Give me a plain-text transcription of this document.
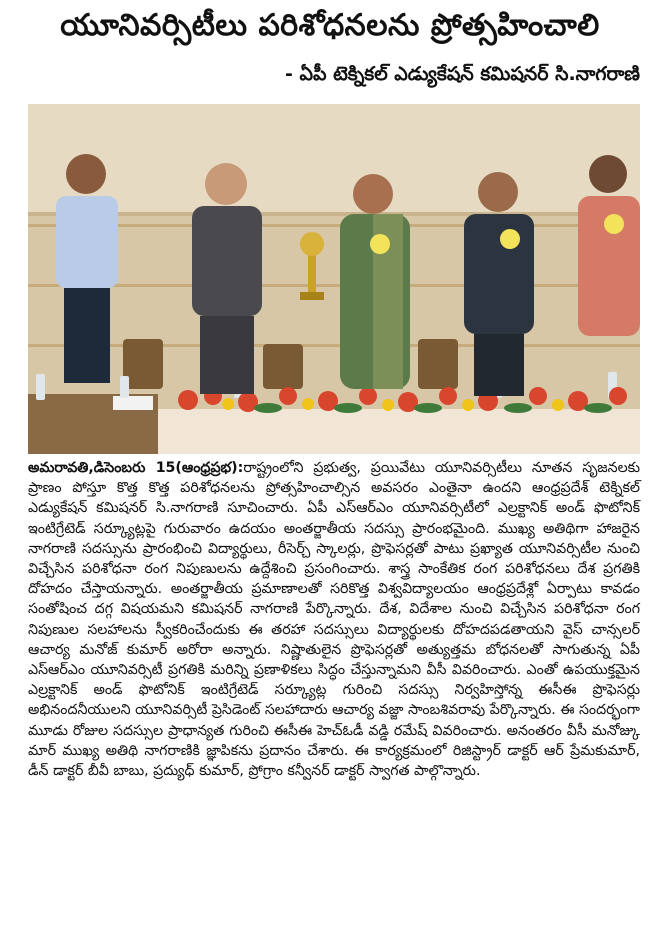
యూనివర్సిటీలు పరిశోధనలను ప్రోత్సహించాలి
- ఏపీ టెక్నికల్ ఎడ్యుకేషన్ కమిషనర్ సి.నాగరాణి
అమరావతి,డిసెంబరు 15(ఆంధ్రప్రభ):రాష్ట్రంలోని ప్రభుత్వ, ప్రయివేటు యూనివర్సిటీలు నూతన సృజనలకు ప్రాణం పోస్తూ కొత్త కొత్త పరిశోధనలను ప్రోత్సహించాల్సిన అవసరం ఎంతైనా ఉందని ఆంధ్రప్రదేశ్ టెక్నికల్ ఎడ్యుకేషన్ కమిషనర్ సి.నాగరాణి సూచించారు. ఏపీ ఎస్ఆర్ఎం యూనివర్సిటీలో ఎల్రక్టానిక్ అండ్ ఫొటోనిక్ ఇంటిగ్రేటెడ్ సర్క్యూట్లపై గురువారం ఉదయం అంతర్జాతీయ సదస్సు ప్రారంభమైంది. ముఖ్య అతిథిగా హాజరైన నాగరాణి సదస్సును ప్రారంభించి విద్యార్థులు, రీసెర్చ్ స్కాలర్లు, ప్రొఫెసర్లతో పాటు ప్రఖ్యాత యూనివర్సిటీల నుంచి విచ్చేసిన పరిశోధనా రంగ నిపుణులను ఉద్దేశించి ప్రసంగించారు. శాస్త్ర సాంకేతిక రంగ పరిశోధనలు దేశ ప్రగతికి దోహదం చేస్తాయన్నారు. అంతర్జాతీయ ప్రమాణాలతో సరికొత్త విశ్వవిద్యాలయం ఆంధ్రప్రదేశ్లో ఏర్పాటు కావడం సంతోషించ దగ్గ విషయమని కమిషనర్ నాగరాణి పేర్కొన్నారు. దేశ, విదేశాల నుంచి విచ్చేసిన పరిశోధనా రంగ నిపుణుల సలహాలను స్వీకరించేందుకు ఈ తరహా సదస్సులు విద్యార్థులకు దోహదపడతాయని వైస్ చాన్సలర్ ఆచార్య మనోజ్ కుమార్ అరోరా అన్నారు. నిష్ణాతులైన ప్రొఫెసర్లతో అత్యుత్తమ బోధనలతో సాగుతున్న ఏపీ ఎస్ఆర్ఎం యూనివర్సిటీ ప్రగతికి మరిన్ని ప్రణాళికలు సిద్ధం చేస్తున్నామని వీసీ వివరించారు. ఎంతో ఉపయుక్తమైన ఎల్రక్టానిక్ అండ్ ఫొటోనిక్ ఇంటిగ్రేటెడ్ సర్క్యూట్ల గురించి సదస్సు నిర్వహిస్తోన్న ఈసీఈ ప్రొఫెసర్లు అభినందనీయులని యూనివర్సిటీ ప్రెసిడెంట్ సలహాదారు ఆచార్య వజ్జా సాంబశివరావు పేర్కొన్నారు. ఈ సందర్భంగా మూడు రోజుల సదస్సుల ప్రాధాన్యత గురించి ఈసీఈ హెచ్ఓడీ వడ్డి రమేష్ వివరించారు. అనంతరం వీసీ మనోజ్కు మార్ ముఖ్య అతిథి నాగరాణికి జ్ఞాపికను ప్రదానం చేశారు. ఈ కార్యక్రమంలో రిజిస్ట్రార్ డాక్టర్ ఆర్ ప్రేమకుమార్, డీన్ డాక్టర్ బీవీ బాబు, ప్రద్యుధ్ కుమార్, ప్రోగ్రాం కన్వీనర్ డాక్టర్ స్వాగత పాల్గొన్నారు.
